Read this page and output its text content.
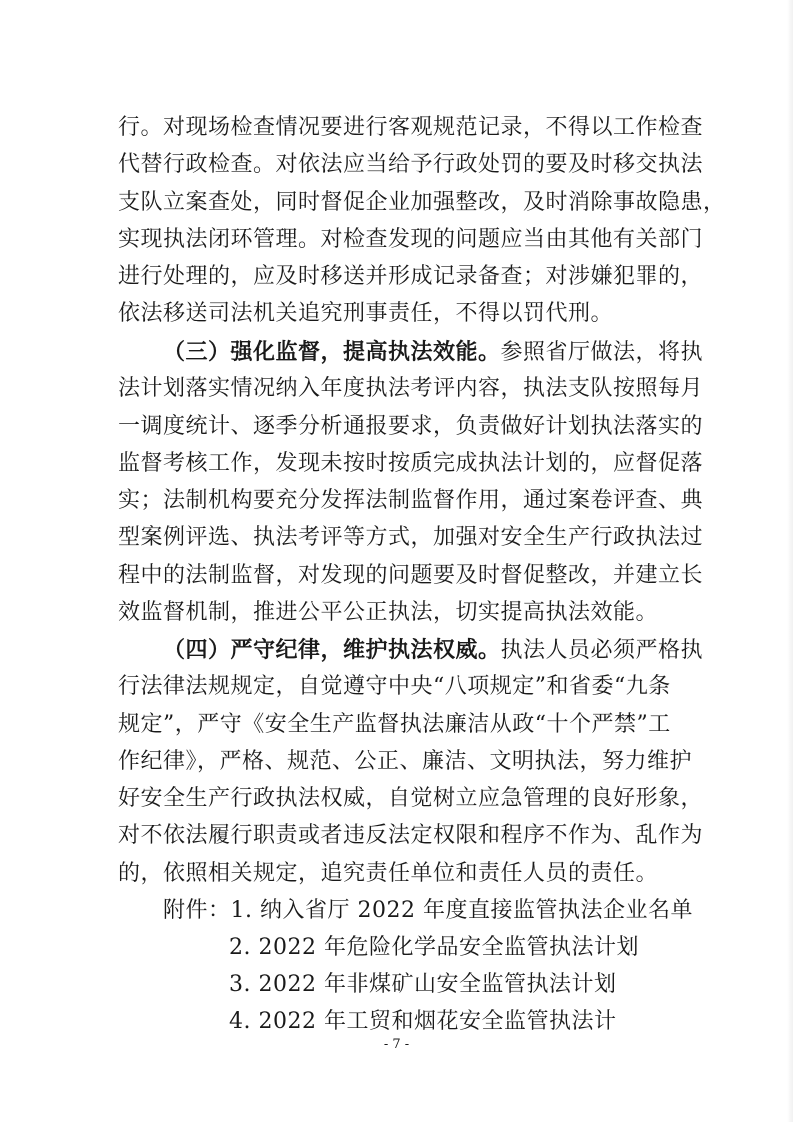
行。对现场检查情况要进行客观规范记录，不得以工作检查
代替行政检查。对依法应当给予行政处罚的要及时移交执法
支队立案查处，同时督促企业加强整改，及时消除事故隐患，
实现执法闭环管理。对检查发现的问题应当由其他有关部门
进行处理的，应及时移送并形成记录备查；对涉嫌犯罪的，
依法移送司法机关追究刑事责任，不得以罚代刑。
（三）强化监督，提高执法效能。参照省厅做法，将执
法计划落实情况纳入年度执法考评内容，执法支队按照每月
一调度统计、逐季分析通报要求，负责做好计划执法落实的
监督考核工作，发现未按时按质完成执法计划的，应督促落
实；法制机构要充分发挥法制监督作用，通过案卷评查、典
型案例评选、执法考评等方式，加强对安全生产行政执法过
程中的法制监督，对发现的问题要及时督促整改，并建立长
效监督机制，推进公平公正执法，切实提高执法效能。
（四）严守纪律，维护执法权威。执法人员必须严格执
行法律法规规定，自觉遵守中央“八项规定”和省委“九条
规定”，严守《安全生产监督执法廉洁从政“十个严禁”工
作纪律》，严格、规范、公正、廉洁、文明执法，努力维护
好安全生产行政执法权威，自觉树立应急管理的良好形象，
对不依法履行职责或者违反法定权限和程序不作为、乱作为
的，依照相关规定，追究责任单位和责任人员的责任。
附件：1. 纳入省厅 2022 年度直接监管执法企业名单
2. 2022 年危险化学品安全监管执法计划
3. 2022 年非煤矿山安全监管执法计划
4. 2022 年工贸和烟花安全监管执法计
- 7 -
